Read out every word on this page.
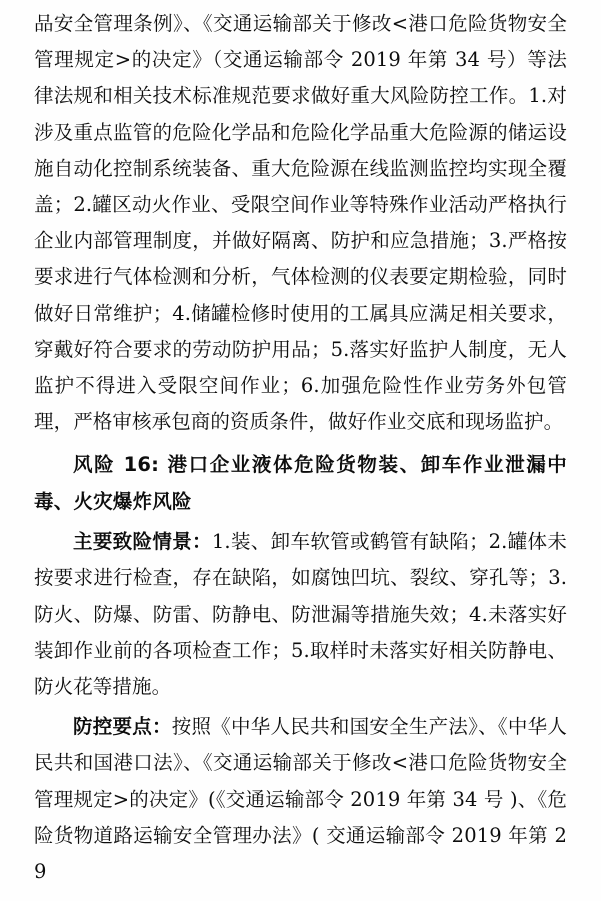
品安全管理条例》、《交通运输部关于修改<港口危险货物安全管理规定>的决定》（交通运输部令 2019 年第 34 号）等法律法规和相关技术标准规范要求做好重大风险防控工作。1.对涉及重点监管的危险化学品和危险化学品重大危险源的储运设施自动化控制系统装备、重大危险源在线监测监控均实现全覆盖；2.罐区动火作业、受限空间作业等特殊作业活动严格执行企业内部管理制度，并做好隔离、防护和应急措施；3.严格按要求进行气体检测和分析，气体检测的仪表要定期检验，同时做好日常维护；4.储罐检修时使用的工属具应满足相关要求，穿戴好符合要求的劳动防护用品；5.落实好监护人制度，无人监护不得进入受限空间作业；6.加强危险性作业劳务外包管理，严格审核承包商的资质条件，做好作业交底和现场监护。

风险 16: 港口企业液体危险货物装、卸车作业泄漏中毒、火灾爆炸风险

主要致险情景：1.装、卸车软管或鹤管有缺陷；2.罐体未按要求进行检查，存在缺陷，如腐蚀凹坑、裂纹、穿孔等；3.防火、防爆、防雷、防静电、防泄漏等措施失效；4.未落实好装卸作业前的各项检查工作；5.取样时未落实好相关防静电、防火花等措施。

防控要点：按照《中华人民共和国安全生产法》、《中华人民共和国港口法》、《交通运输部关于修改<港口危险货物安全管理规定>的决定》(《交通运输部令 2019 年第 34 号 )、《危险货物道路运输安全管理办法》( 交通运输部令 2019 年第 29
